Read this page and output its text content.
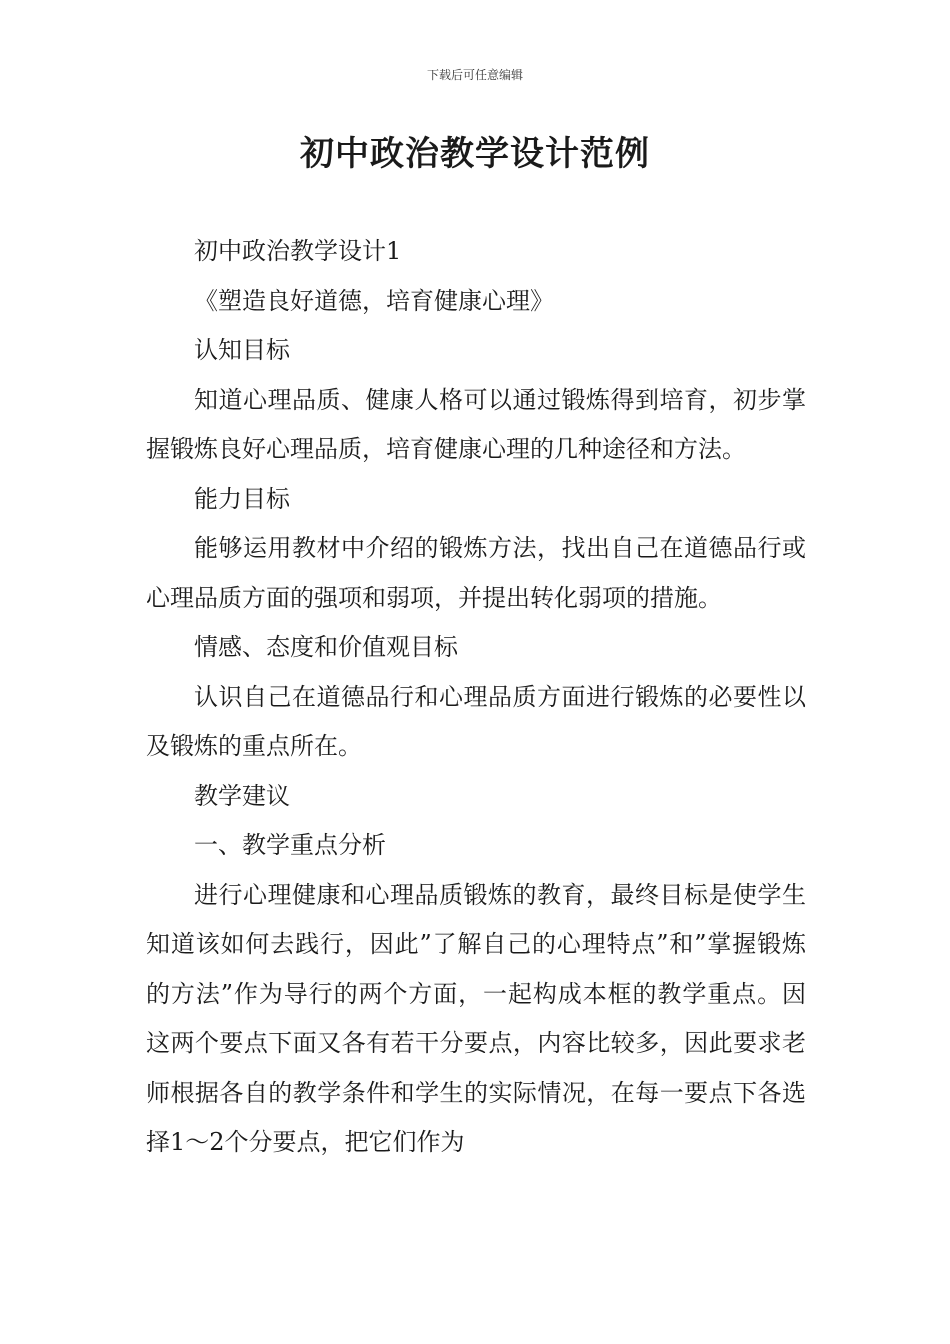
下载后可任意编辑
初中政治教学设计范例

初中政治教学设计1

《塑造良好道德，培育健康心理》

认知目标

知道心理品质、健康人格可以通过锻炼得到培育，初步掌握锻炼良好心理品质，培育健康心理的几种途径和方法。

能力目标

能够运用教材中介绍的锻炼方法，找出自己在道德品行或心理品质方面的强项和弱项，并提出转化弱项的措施。

情感、态度和价值观目标

认识自己在道德品行和心理品质方面进行锻炼的必要性以及锻炼的重点所在。

教学建议

一、教学重点分析

进行心理健康和心理品质锻炼的教育，最终目标是使学生知道该如何去践行，因此”了解自己的心理特点”和”掌握锻炼的方法”作为导行的两个方面，一起构成本框的教学重点。因这两个要点下面又各有若干分要点，内容比较多，因此要求老师根据各自的教学条件和学生的实际情况，在每一要点下各选择1～2个分要点，把它们作为
